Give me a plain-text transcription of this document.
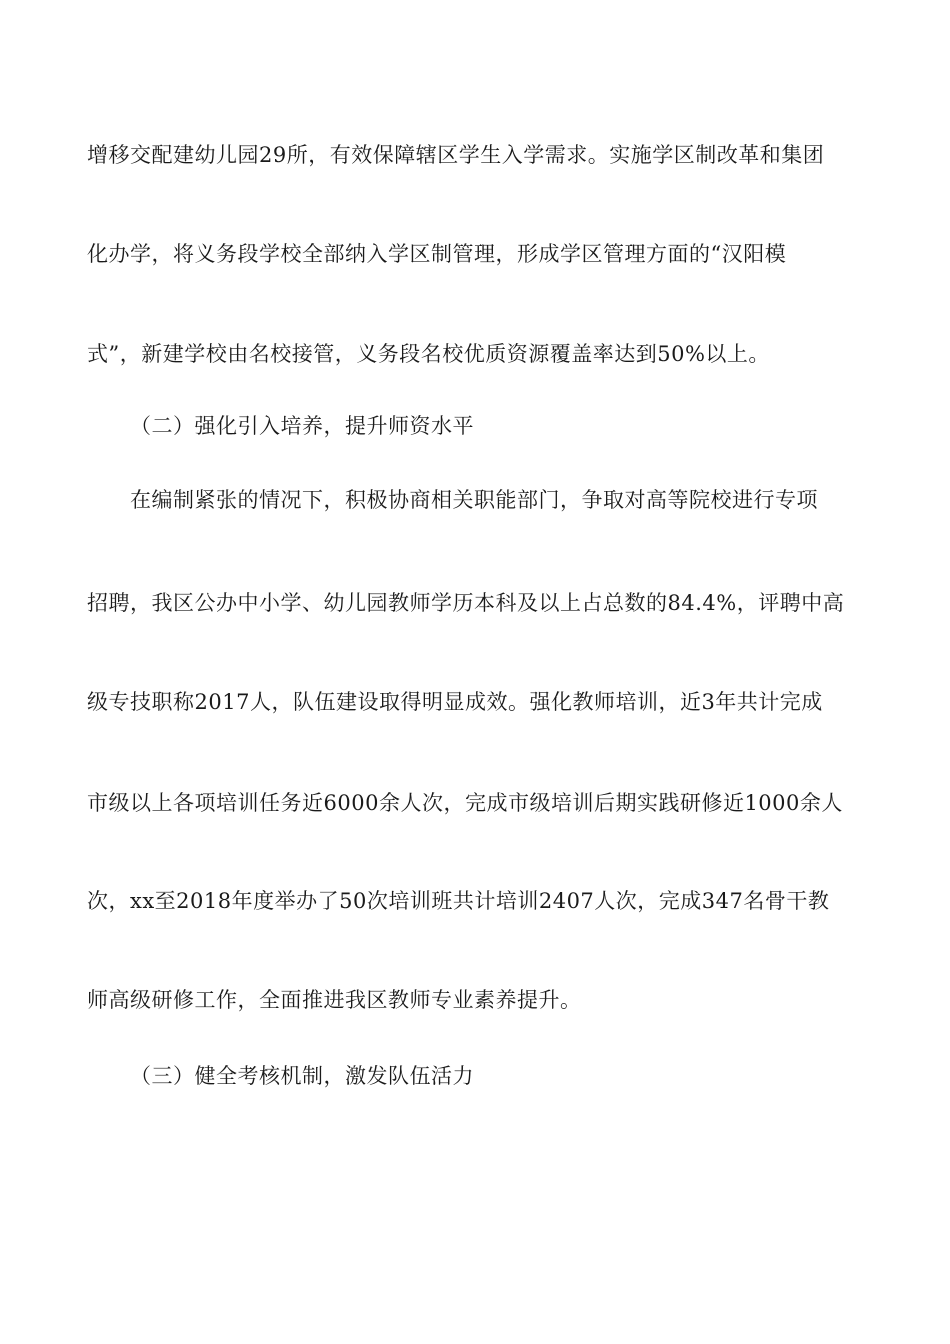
增移交配建幼儿园29所，有效保障辖区学生入学需求。实施学区制改革和集团
化办学，将义务段学校全部纳入学区制管理，形成学区管理方面的“汉阳模
式”，新建学校由名校接管，义务段名校优质资源覆盖率达到50%以上。
（二）强化引入培养，提升师资水平
在编制紧张的情况下，积极协商相关职能部门，争取对高等院校进行专项
招聘，我区公办中小学、幼儿园教师学历本科及以上占总数的84.4%，评聘中高
级专技职称2017人，队伍建设取得明显成效。强化教师培训，近3年共计完成
市级以上各项培训任务近6000余人次，完成市级培训后期实践研修近1000余人
次，xx至2018年度举办了50次培训班共计培训2407人次，完成347名骨干教
师高级研修工作，全面推进我区教师专业素养提升。
（三）健全考核机制，激发队伍活力
